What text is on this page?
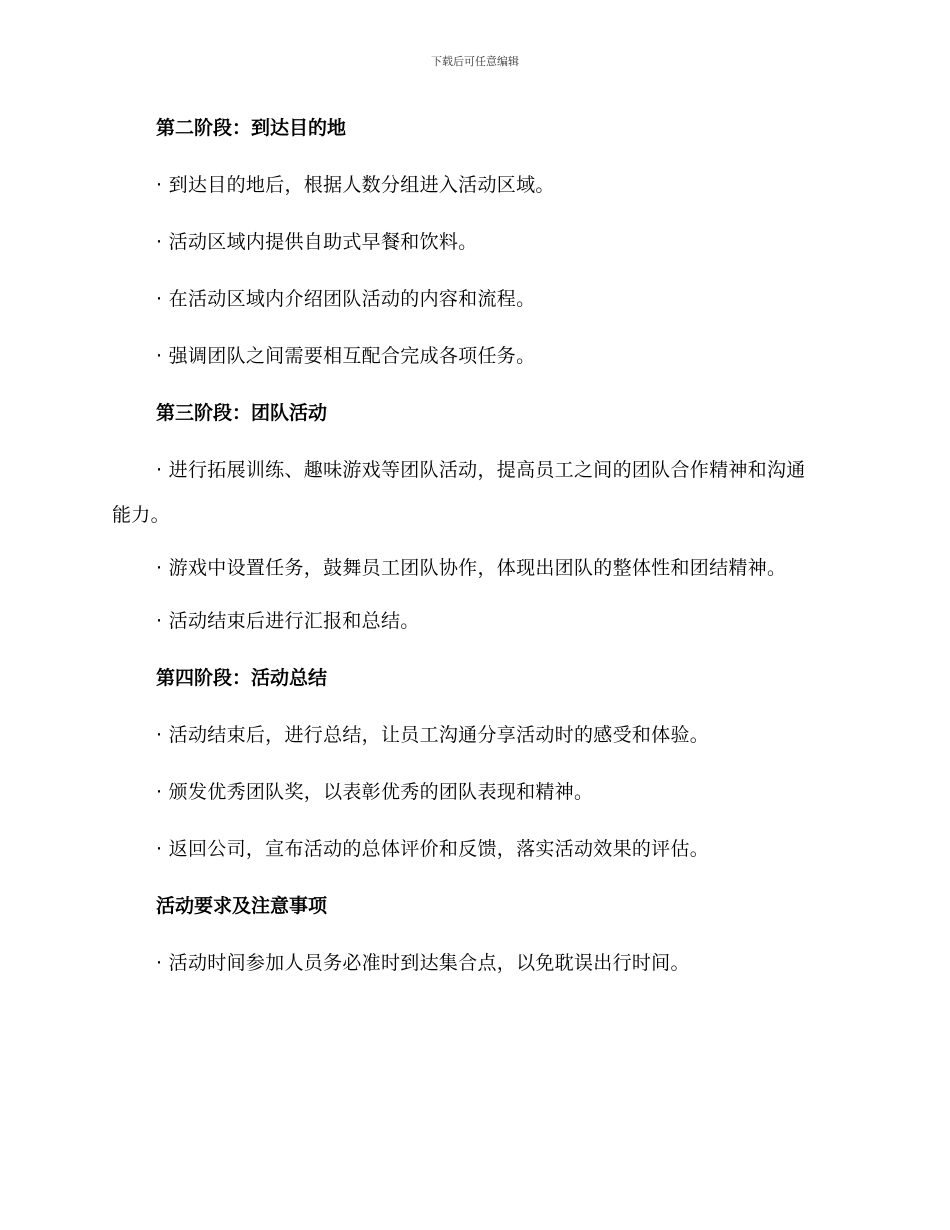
下载后可任意编辑
第二阶段：到达目的地
· 到达目的地后，根据人数分组进入活动区域。
· 活动区域内提供自助式早餐和饮料。
· 在活动区域内介绍团队活动的内容和流程。
· 强调团队之间需要相互配合完成各项任务。
第三阶段：团队活动
· 进行拓展训练、趣味游戏等团队活动，提高员工之间的团队合作精神和沟通能力。
· 游戏中设置任务，鼓舞员工团队协作，体现出团队的整体性和团结精神。
· 活动结束后进行汇报和总结。
第四阶段：活动总结
· 活动结束后，进行总结，让员工沟通分享活动时的感受和体验。
· 颁发优秀团队奖，以表彰优秀的团队表现和精神。
· 返回公司，宣布活动的总体评价和反馈，落实活动效果的评估。
活动要求及注意事项
· 活动时间参加人员务必准时到达集合点，以免耽误出行时间。
